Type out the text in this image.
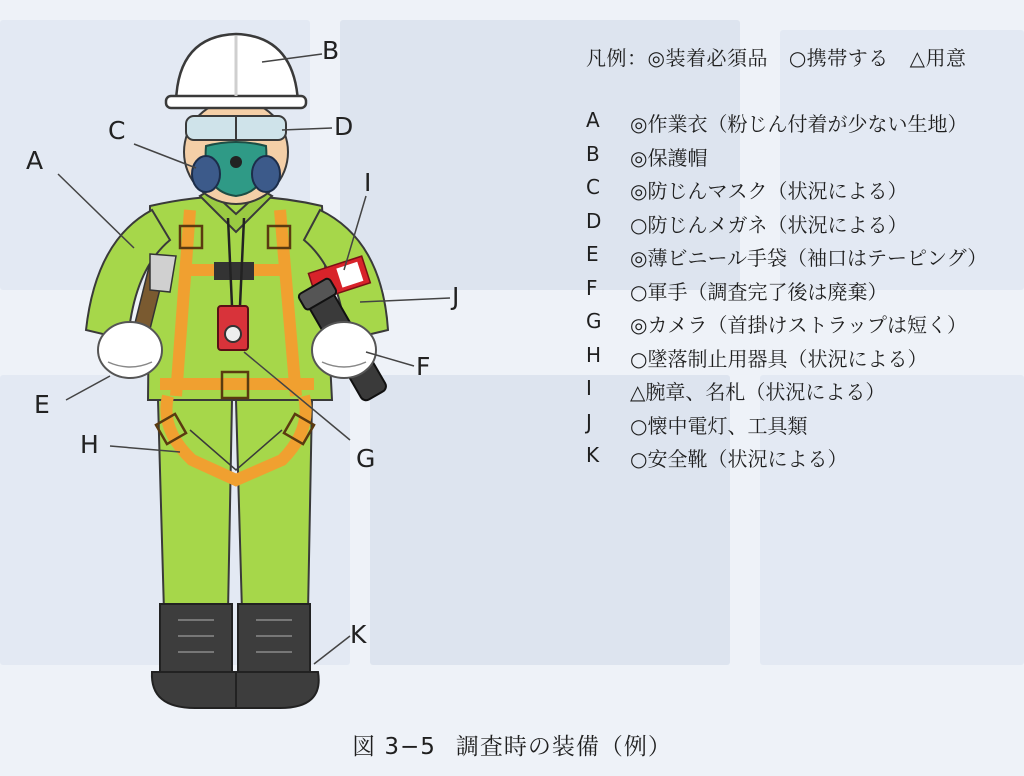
A
B
C	D
E
F
G
H
I
J
K
凡例：◎装着必須品 ○携帯する △用意
A	◎作業衣（粉じん付着が少ない生地）
B	◎保護帽
C	◎防じんマスク（状況による）
D	○防じんメガネ（状況による）
E	◎薄ビニール手袋（袖口はテーピング）
F	○軍手（調査完了後は廃棄）
G	◎カメラ（首掛けストラップは短く）
H	○墜落制止用器具（状況による）
I	△腕章、名札（状況による）
J	○懐中電灯、工具類
K	○安全靴（状況による）
図 3−5 調査時の装備（例）
